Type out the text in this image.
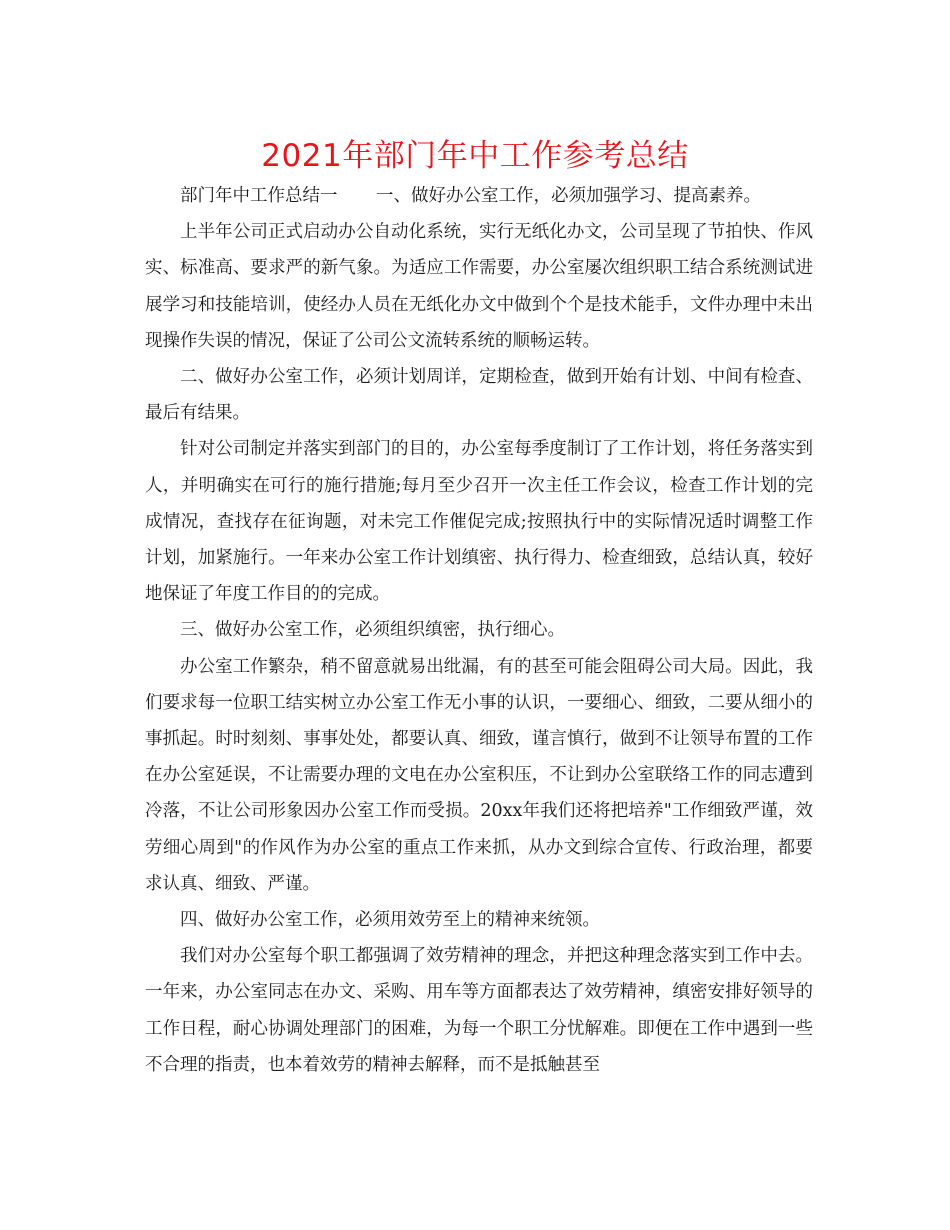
2021年部门年中工作参考总结

部门年中工作总结一 一、做好办公室工作，必须加强学习、提高素养。

上半年公司正式启动办公自动化系统，实行无纸化办文，公司呈现了节拍快、作风实、标准高、要求严的新气象。为适应工作需要，办公室屡次组织职工结合系统测试进展学习和技能培训，使经办人员在无纸化办文中做到个个是技术能手，文件办理中未出现操作失误的情况，保证了公司公文流转系统的顺畅运转。

二、做好办公室工作，必须计划周详，定期检查，做到开始有计划、中间有检查、最后有结果。

针对公司制定并落实到部门的目的，办公室每季度制订了工作计划，将任务落实到人，并明确实在可行的施行措施;每月至少召开一次主任工作会议，检查工作计划的完成情况，查找存在征询题，对未完工作催促完成;按照执行中的实际情况适时调整工作计划，加紧施行。一年来办公室工作计划缜密、执行得力、检查细致，总结认真，较好地保证了年度工作目的的完成。

三、做好办公室工作，必须组织缜密，执行细心。

办公室工作繁杂，稍不留意就易出纰漏，有的甚至可能会阻碍公司大局。因此，我们要求每一位职工结实树立办公室工作无小事的认识，一要细心、细致，二要从细小的事抓起。时时刻刻、事事处处，都要认真、细致，谨言慎行，做到不让领导布置的工作在办公室延误，不让需要办理的文电在办公室积压，不让到办公室联络工作的同志遭到冷落，不让公司形象因办公室工作而受损。20xx年我们还将把培养"工作细致严谨，效劳细心周到"的作风作为办公室的重点工作来抓，从办文到综合宣传、行政治理，都要求认真、细致、严谨。

四、做好办公室工作，必须用效劳至上的精神来统领。

我们对办公室每个职工都强调了效劳精神的理念，并把这种理念落实到工作中去。一年来，办公室同志在办文、采购、用车等方面都表达了效劳精神，缜密安排好领导的工作日程，耐心协调处理部门的困难，为每一个职工分忧解难。即便在工作中遇到一些不合理的指责，也本着效劳的精神去解释，而不是抵触甚至
